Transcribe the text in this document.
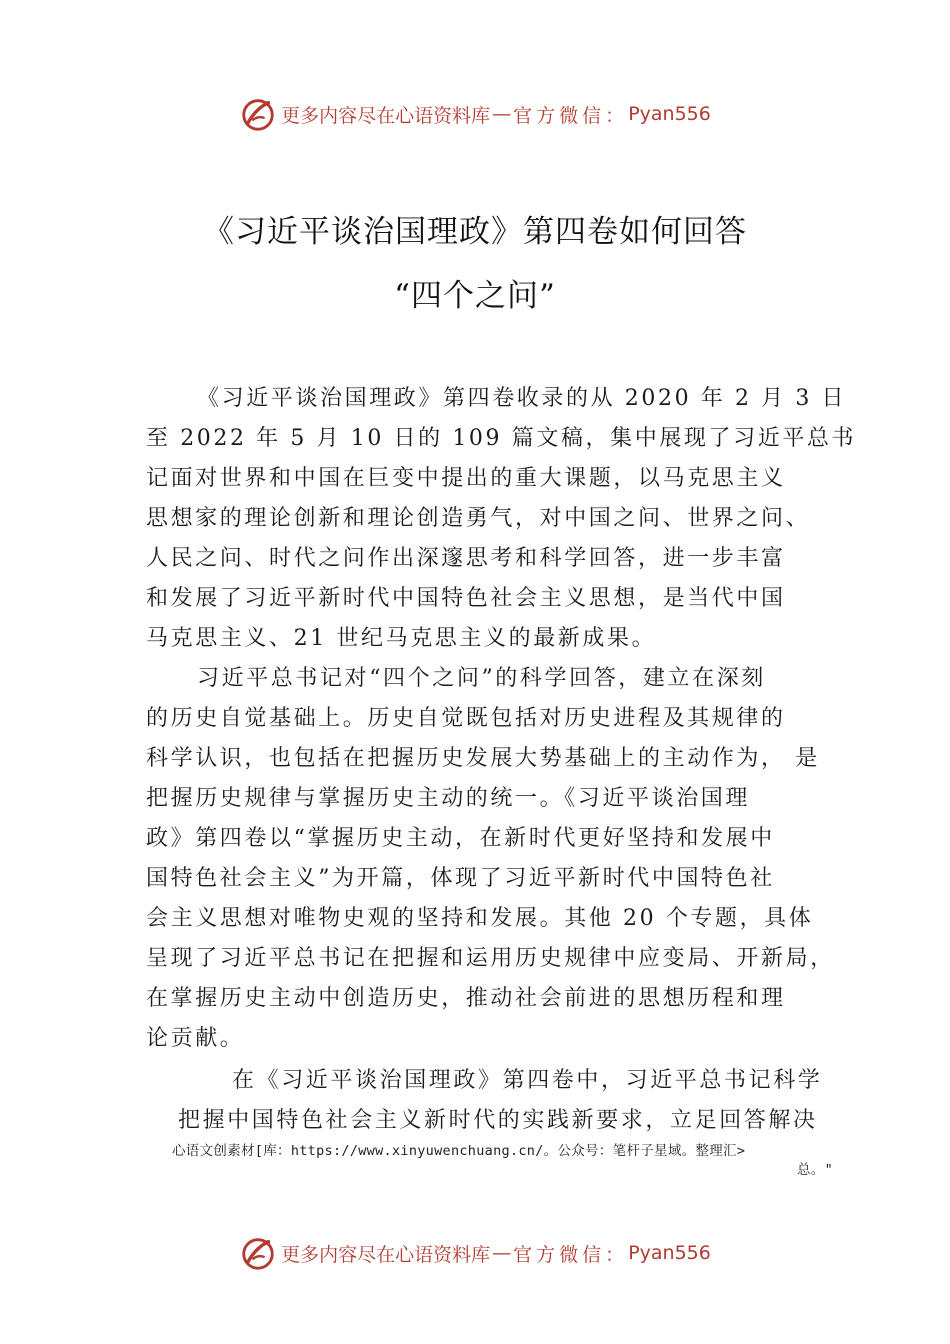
更多内容尽在心语资料库 — 官方微信： Pyan556
《习近平谈治国理政》第四卷如何回答
“四个之问”
《习近平谈治国理政》第四卷收录的从 2020 年 2 月 3 日
至 2022 年 5 月 10 日的 109 篇文稿，集中展现了习近平总书
记面对世界和中国在巨变中提出的重大课题，以马克思主义
思想家的理论创新和理论创造勇气，对中国之问、世界之问、
人民之问、时代之问作出深邃思考和科学回答，进一步丰富
和发展了习近平新时代中国特色社会主义思想，是当代中国
马克思主义、21 世纪马克思主义的最新成果。
习近平总书记对“四个之问”的科学回答，建立在深刻
的历史自觉基础上。历史自觉既包括对历史进程及其规律的
科学认识，也包括在把握历史发展大势基础上的主动作为， 是
把握历史规律与掌握历史主动的统一。《习近平谈治国理
政》第四卷以“掌握历史主动，在新时代更好坚持和发展中
国特色社会主义”为开篇，体现了习近平新时代中国特色社
会主义思想对唯物史观的坚持和发展。其他 20 个专题，具体
呈现了习近平总书记在把握和运用历史规律中应变局、开新局，
在掌握历史主动中创造历史，推动社会前进的思想历程和理
论贡献。
在《习近平谈治国理政》第四卷中，习近平总书记科学
把握中国特色社会主义新时代的实践新要求，立足回答解决
心语文创素材[库：https://www.xinyuwenchuang.cn/。公众号：笔杆子星域。整理汇>
总。"
更多内容尽在心语资料库 — 官方微信： Pyan556
